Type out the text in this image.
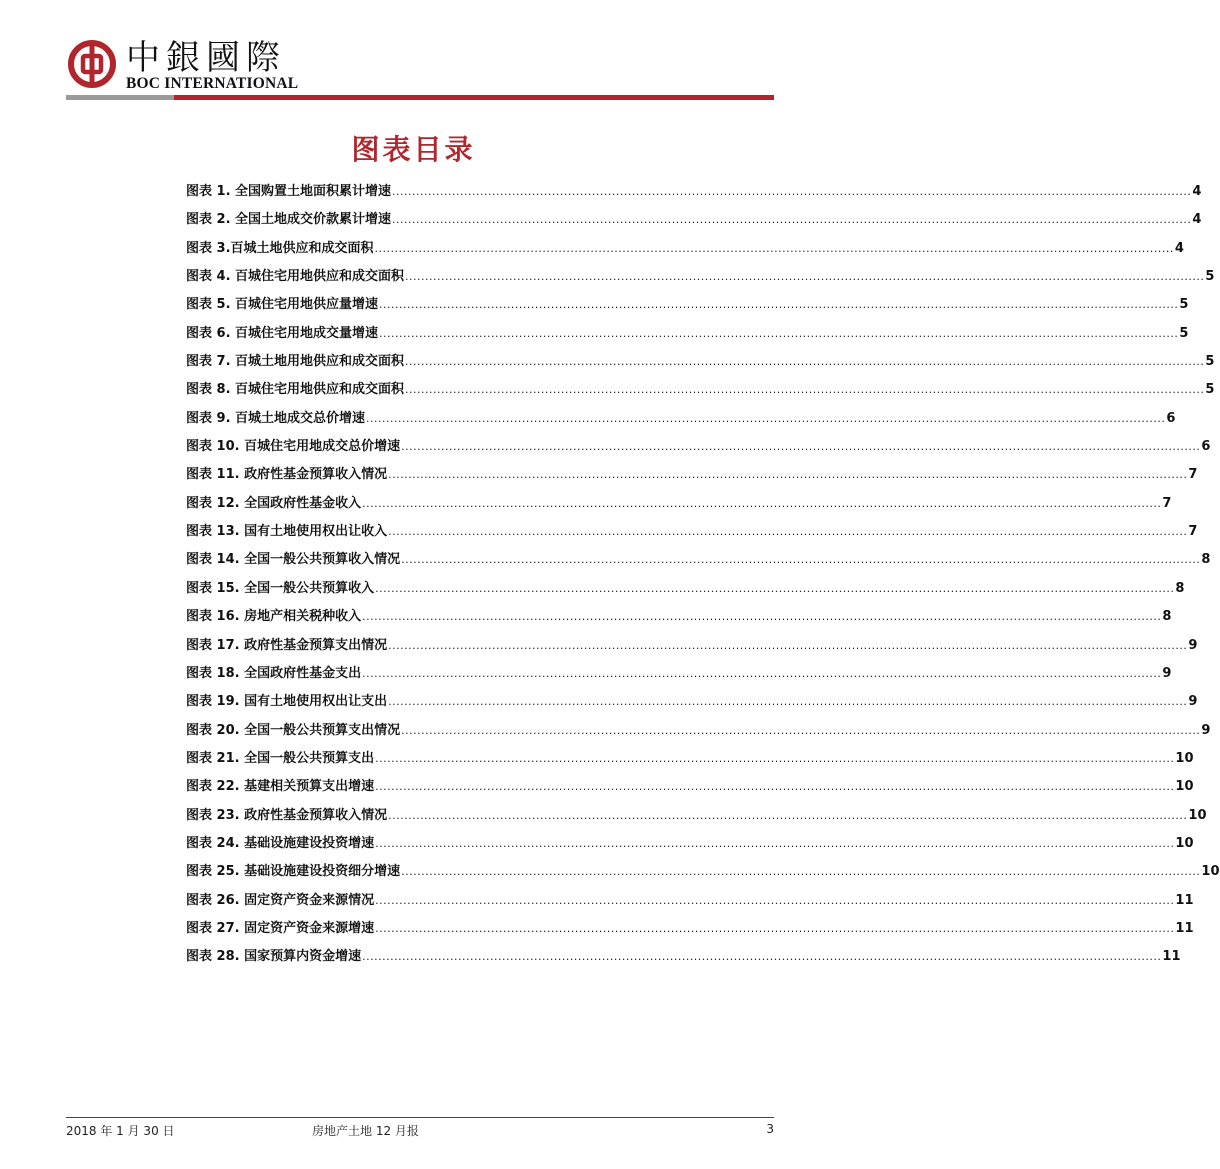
中銀國際
BOC INTERNATIONAL
图表目录
图表 1. 全国购置土地面积累计增速 ........................................................................................................................................................................................................ 4
图表 2. 全国土地成交价款累计增速 ........................................................................................................................................................................................................ 4
图表 3.百城土地供应和成交面积 ........................................................................................................................................................................................................ 4
图表 4. 百城住宅用地供应和成交面积 ........................................................................................................................................................................................................ 5
图表 5. 百城住宅用地供应量增速 ........................................................................................................................................................................................................ 5
图表 6. 百城住宅用地成交量增速 ........................................................................................................................................................................................................ 5
图表 7. 百城土地用地供应和成交面积 ........................................................................................................................................................................................................ 5
图表 8. 百城住宅用地供应和成交面积 ........................................................................................................................................................................................................ 5
图表 9. 百城土地成交总价增速 ........................................................................................................................................................................................................ 6
图表 10. 百城住宅用地成交总价增速 ........................................................................................................................................................................................................ 6
图表 11. 政府性基金预算收入情况 ........................................................................................................................................................................................................ 7
图表 12. 全国政府性基金收入 ........................................................................................................................................................................................................ 7
图表 13. 国有土地使用权出让收入 ........................................................................................................................................................................................................ 7
图表 14. 全国一般公共预算收入情况 ........................................................................................................................................................................................................ 8
图表 15. 全国一般公共预算收入 ........................................................................................................................................................................................................ 8
图表 16. 房地产相关税种收入 ........................................................................................................................................................................................................ 8
图表 17. 政府性基金预算支出情况 ........................................................................................................................................................................................................ 9
图表 18. 全国政府性基金支出 ........................................................................................................................................................................................................ 9
图表 19. 国有土地使用权出让支出 ........................................................................................................................................................................................................ 9
图表 20. 全国一般公共预算支出情况 ........................................................................................................................................................................................................ 9
图表 21. 全国一般公共预算支出 ........................................................................................................................................................................................................ 10
图表 22. 基建相关预算支出增速 ........................................................................................................................................................................................................ 10
图表 23. 政府性基金预算收入情况 ........................................................................................................................................................................................................ 10
图表 24. 基础设施建设投资增速 ........................................................................................................................................................................................................ 10
图表 25. 基础设施建设投资细分增速 ........................................................................................................................................................................................................ 10
图表 26. 固定资产资金来源情况 ........................................................................................................................................................................................................ 11
图表 27. 固定资产资金来源增速 ........................................................................................................................................................................................................ 11
图表 28. 国家预算内资金增速 ........................................................................................................................................................................................................ 11
2018 年 1 月 30 日	房地产土地 12 月报	3
